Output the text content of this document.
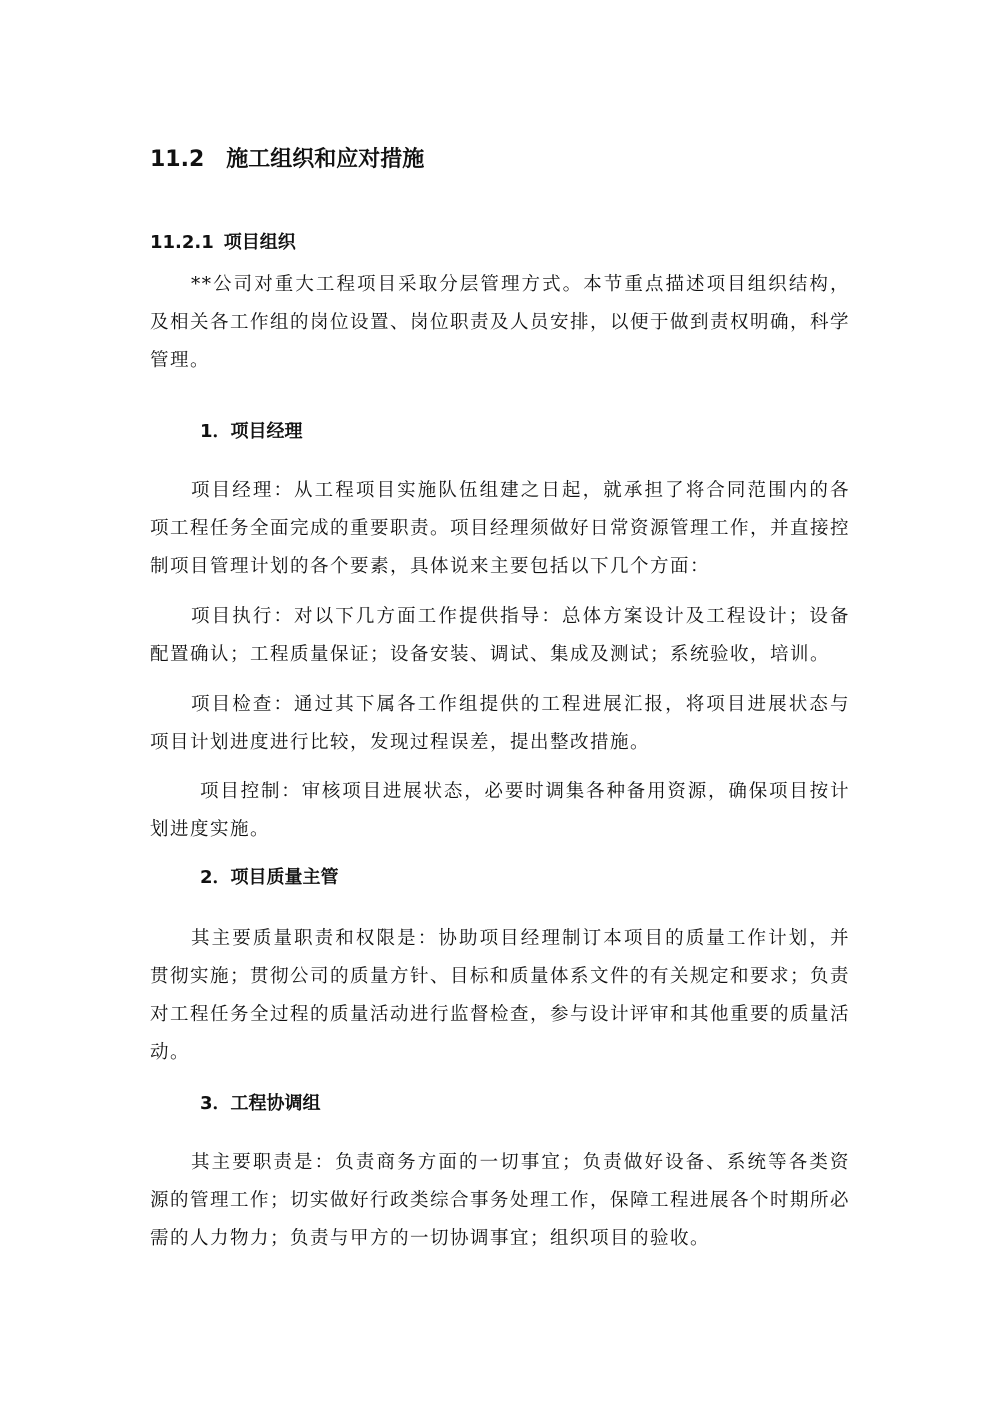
11.2 施工组织和应对措施
11.2.1 项目组织

**公司对重大工程项目采取分层管理方式。本节重点描述项目组织结构，及相关各工作组的岗位设置、岗位职责及人员安排，以便于做到责权明确，科学管理。

1．项目经理

项目经理：从工程项目实施队伍组建之日起，就承担了将合同范围内的各项工程任务全面完成的重要职责。项目经理须做好日常资源管理工作，并直接控制项目管理计划的各个要素，具体说来主要包括以下几个方面：

项目执行：对以下几方面工作提供指导：总体方案设计及工程设计；设备配置确认；工程质量保证；设备安装、调试、集成及测试；系统验收，培训。

项目检查：通过其下属各工作组提供的工程进展汇报，将项目进展状态与项目计划进度进行比较，发现过程误差，提出整改措施。

项目控制：审核项目进展状态，必要时调集各种备用资源，确保项目按计划进度实施。

2．项目质量主管

其主要质量职责和权限是：协助项目经理制订本项目的质量工作计划，并贯彻实施；贯彻公司的质量方针、目标和质量体系文件的有关规定和要求；负责对工程任务全过程的质量活动进行监督检查，参与设计评审和其他重要的质量活动。

3．工程协调组

其主要职责是：负责商务方面的一切事宜；负责做好设备、系统等各类资源的管理工作；切实做好行政类综合事务处理工作，保障工程进展各个时期所必需的人力物力；负责与甲方的一切协调事宜；组织项目的验收。
